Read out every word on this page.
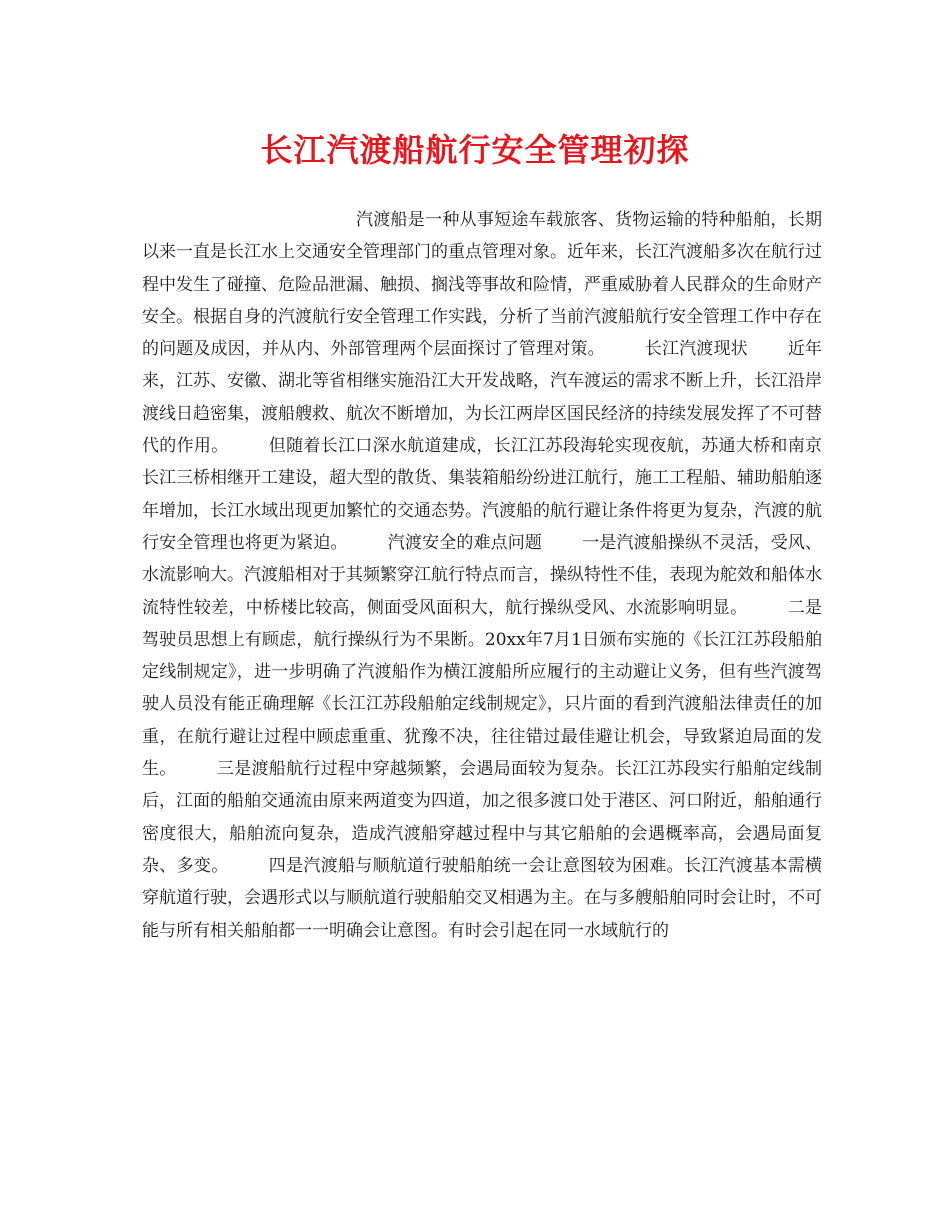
长江汽渡船航行安全管理初探

汽渡船是一种从事短途车载旅客、货物运输的特种船舶，长期以来一直是长江水上交通安全管理部门的重点管理对象。近年来，长江汽渡船多次在航行过程中发生了碰撞、危险品泄漏、触损、搁浅等事故和险情，严重威胁着人民群众的生命财产安全。根据自身的汽渡航行安全管理工作实践，分析了当前汽渡船航行安全管理工作中存在的问题及成因，并从内、外部管理两个层面探讨了管理对策。 长江汽渡现状 近年来，江苏、安徽、湖北等省相继实施沿江大开发战略，汽车渡运的需求不断上升，长江沿岸渡线日趋密集，渡船艘救、航次不断增加，为长江两岸区国民经济的持续发展发挥了不可替代的作用。 但随着长江口深水航道建成，长江江苏段海轮实现夜航，苏通大桥和南京长江三桥相继开工建设，超大型的散货、集装箱船纷纷进江航行，施工工程船、辅助船舶逐年增加，长江水域出现更加繁忙的交通态势。汽渡船的航行避让条件将更为复杂，汽渡的航行安全管理也将更为紧迫。 汽渡安全的难点问题 一是汽渡船操纵不灵活，受风、水流影响大。汽渡船相对于其频繁穿江航行特点而言，操纵特性不佳，表现为舵效和船体水流特性较差，中桥楼比较高，侧面受风面积大，航行操纵受风、水流影响明显。 二是驾驶员思想上有顾虑，航行操纵行为不果断。20xx年7月1日颁布实施的《长江江苏段船舶定线制规定》，进一步明确了汽渡船作为横江渡船所应履行的主动避让义务，但有些汽渡驾驶人员没有能正确理解《长江江苏段船舶定线制规定》，只片面的看到汽渡船法律责任的加重，在航行避让过程中顾虑重重、犹豫不决，往往错过最佳避让机会，导致紧迫局面的发生。 三是渡船航行过程中穿越频繁，会遇局面较为复杂。长江江苏段实行船舶定线制后，江面的船舶交通流由原来两道变为四道，加之很多渡口处于港区、河口附近，船舶通行密度很大，船舶流向复杂，造成汽渡船穿越过程中与其它船舶的会遇概率高，会遇局面复杂、多变。 四是汽渡船与顺航道行驶船舶统一会让意图较为困难。长江汽渡基本需横穿航道行驶，会遇形式以与顺航道行驶船舶交叉相遇为主。在与多艘船舶同时会让时，不可能与所有相关船舶都一一明确会让意图。有时会引起在同一水域航行的
